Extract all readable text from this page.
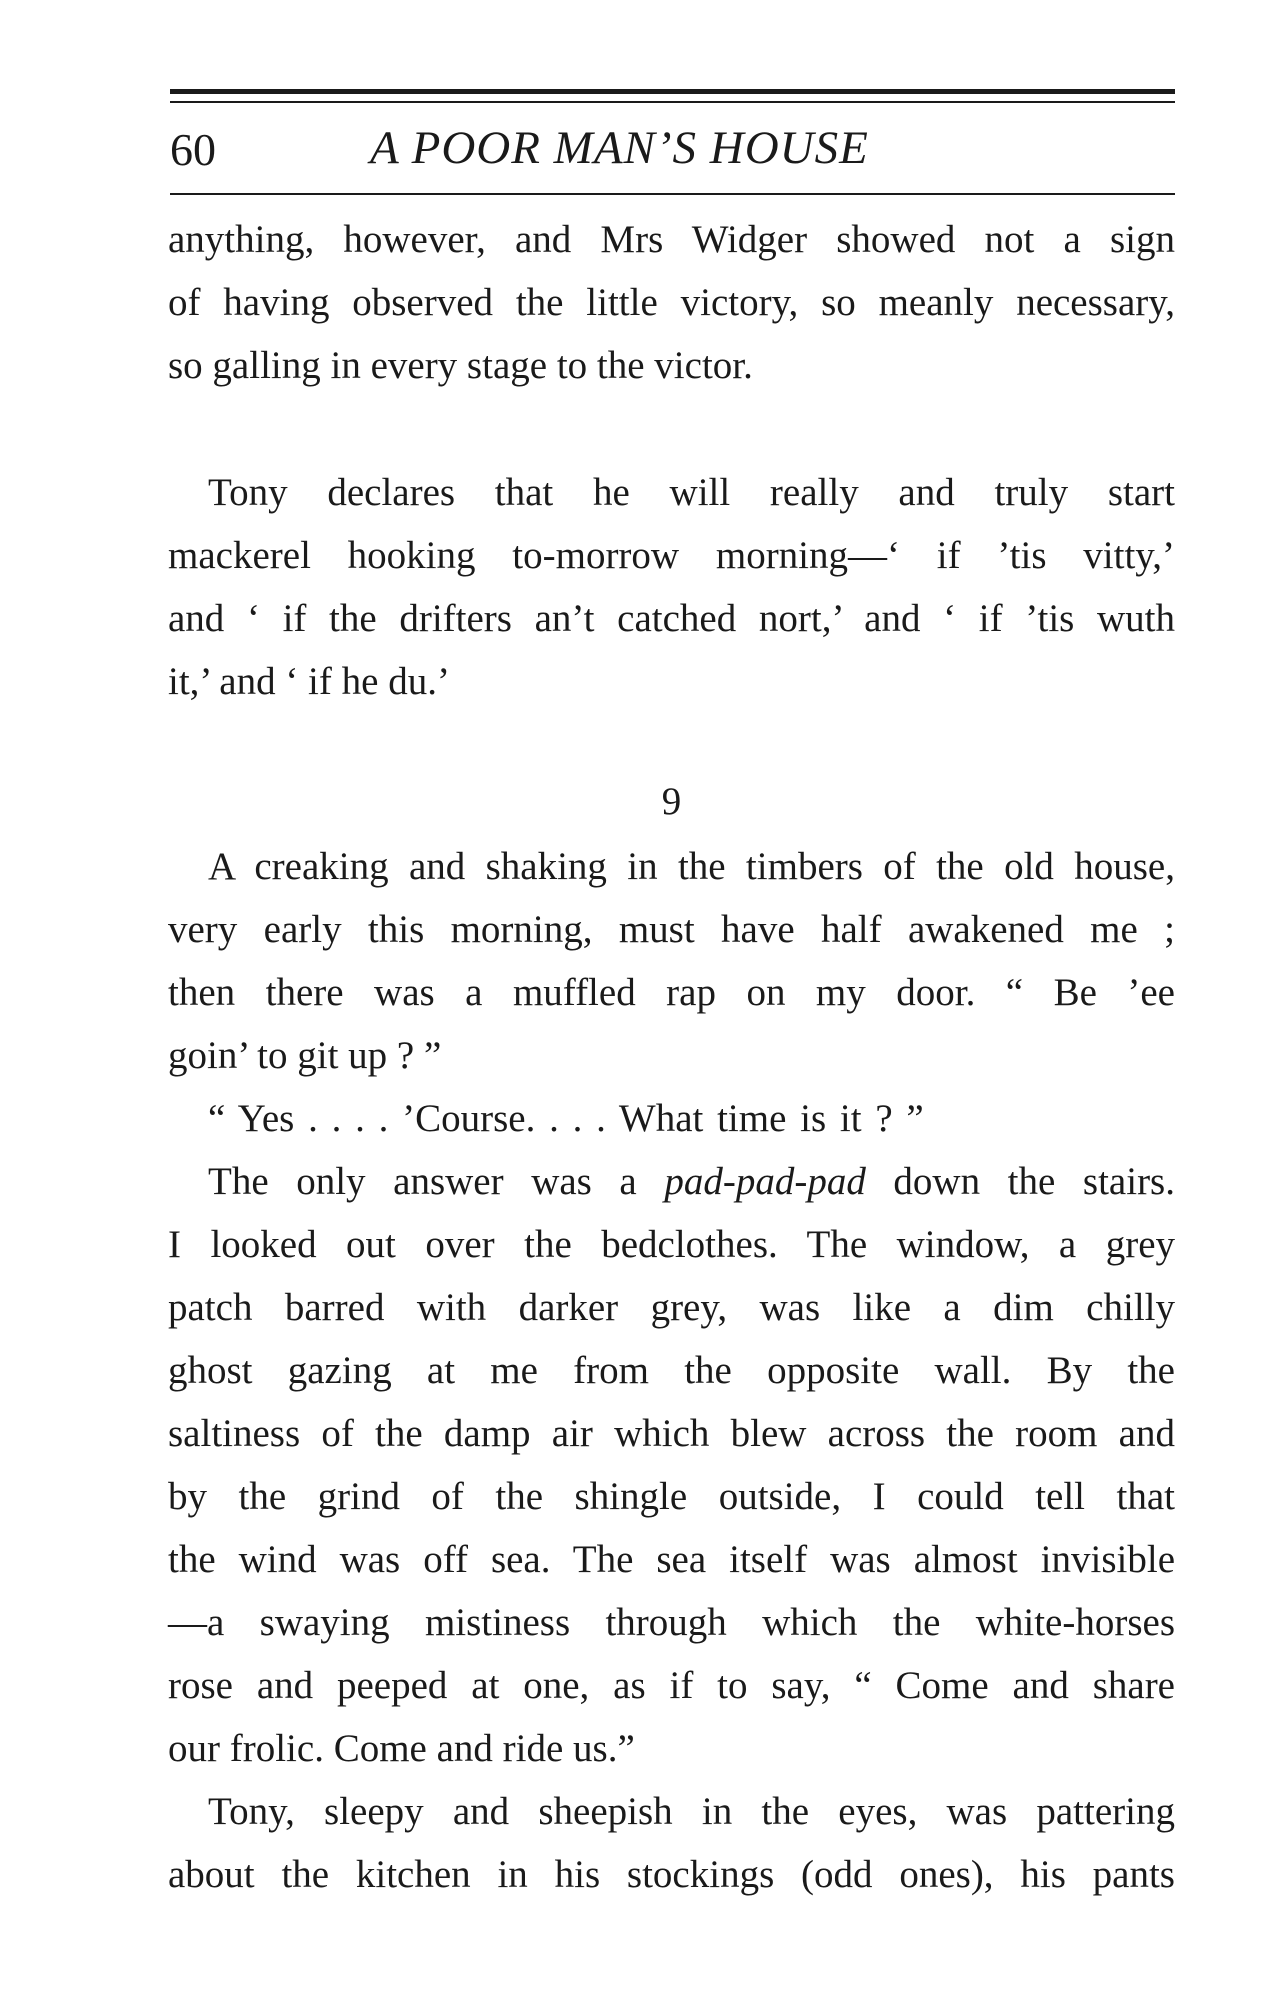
60	A POOR MAN’S HOUSE
anything, however, and Mrs Widger showed not a sign
of having observed the little victory, so meanly necessary,
so galling in every stage to the victor.
Tony declares that he will really and truly start
mackerel hooking to-morrow morning—‘ if ’tis vitty,’
and ‘ if the drifters an’t catched nort,’ and ‘ if ’tis wuth
it,’ and ‘ if he du.’
9
A creaking and shaking in the timbers of the old house,
very early this morning, must have half awakened me ;
then there was a muffled rap on my door. “ Be ’ee
goin’ to git up ? ”
“ Yes . . . . ’Course. . . . What time is it ? ”
The only answer was a pad-pad-pad down the stairs.
I looked out over the bedclothes. The window, a grey
patch barred with darker grey, was like a dim chilly
ghost gazing at me from the opposite wall. By the
saltiness of the damp air which blew across the room and
by the grind of the shingle outside, I could tell that
the wind was off sea. The sea itself was almost invisible
—a swaying mistiness through which the white-horses
rose and peeped at one, as if to say, “ Come and share
our frolic. Come and ride us.”
Tony, sleepy and sheepish in the eyes, was pattering
about the kitchen in his stockings (odd ones), his pants
